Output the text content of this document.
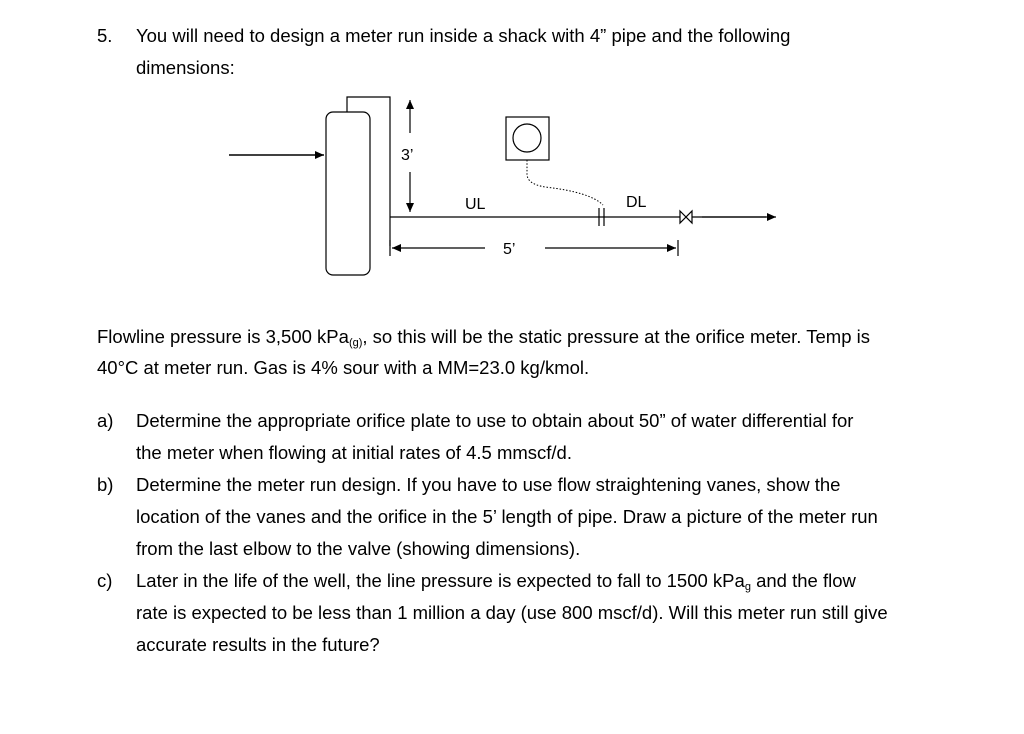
5. You will need to design a meter run inside a shack with 4” pipe and the following
dimensions:
3’
UL	DL
5’
Flowline pressure is 3,500 kPa$_{(g)}$, so this will be the static pressure at the orifice meter. Temp is
40°C at meter run. Gas is 4% sour with a MM=23.0 kg/kmol.
a) Determine the appropriate orifice plate to use to obtain about 50” of water differential for
the meter when flowing at initial rates of 4.5 mmscf/d.
b) Determine the meter run design. If you have to use flow straightening vanes, show the
location of the vanes and the orifice in the 5’ length of pipe. Draw a picture of the meter run
from the last elbow to the valve (showing dimensions).
c) Later in the life of the well, the line pressure is expected to fall to 1500 kPa$_g$ and the flow
rate is expected to be less than 1 million a day (use 800 mscf/d). Will this meter run still give
accurate results in the future?
